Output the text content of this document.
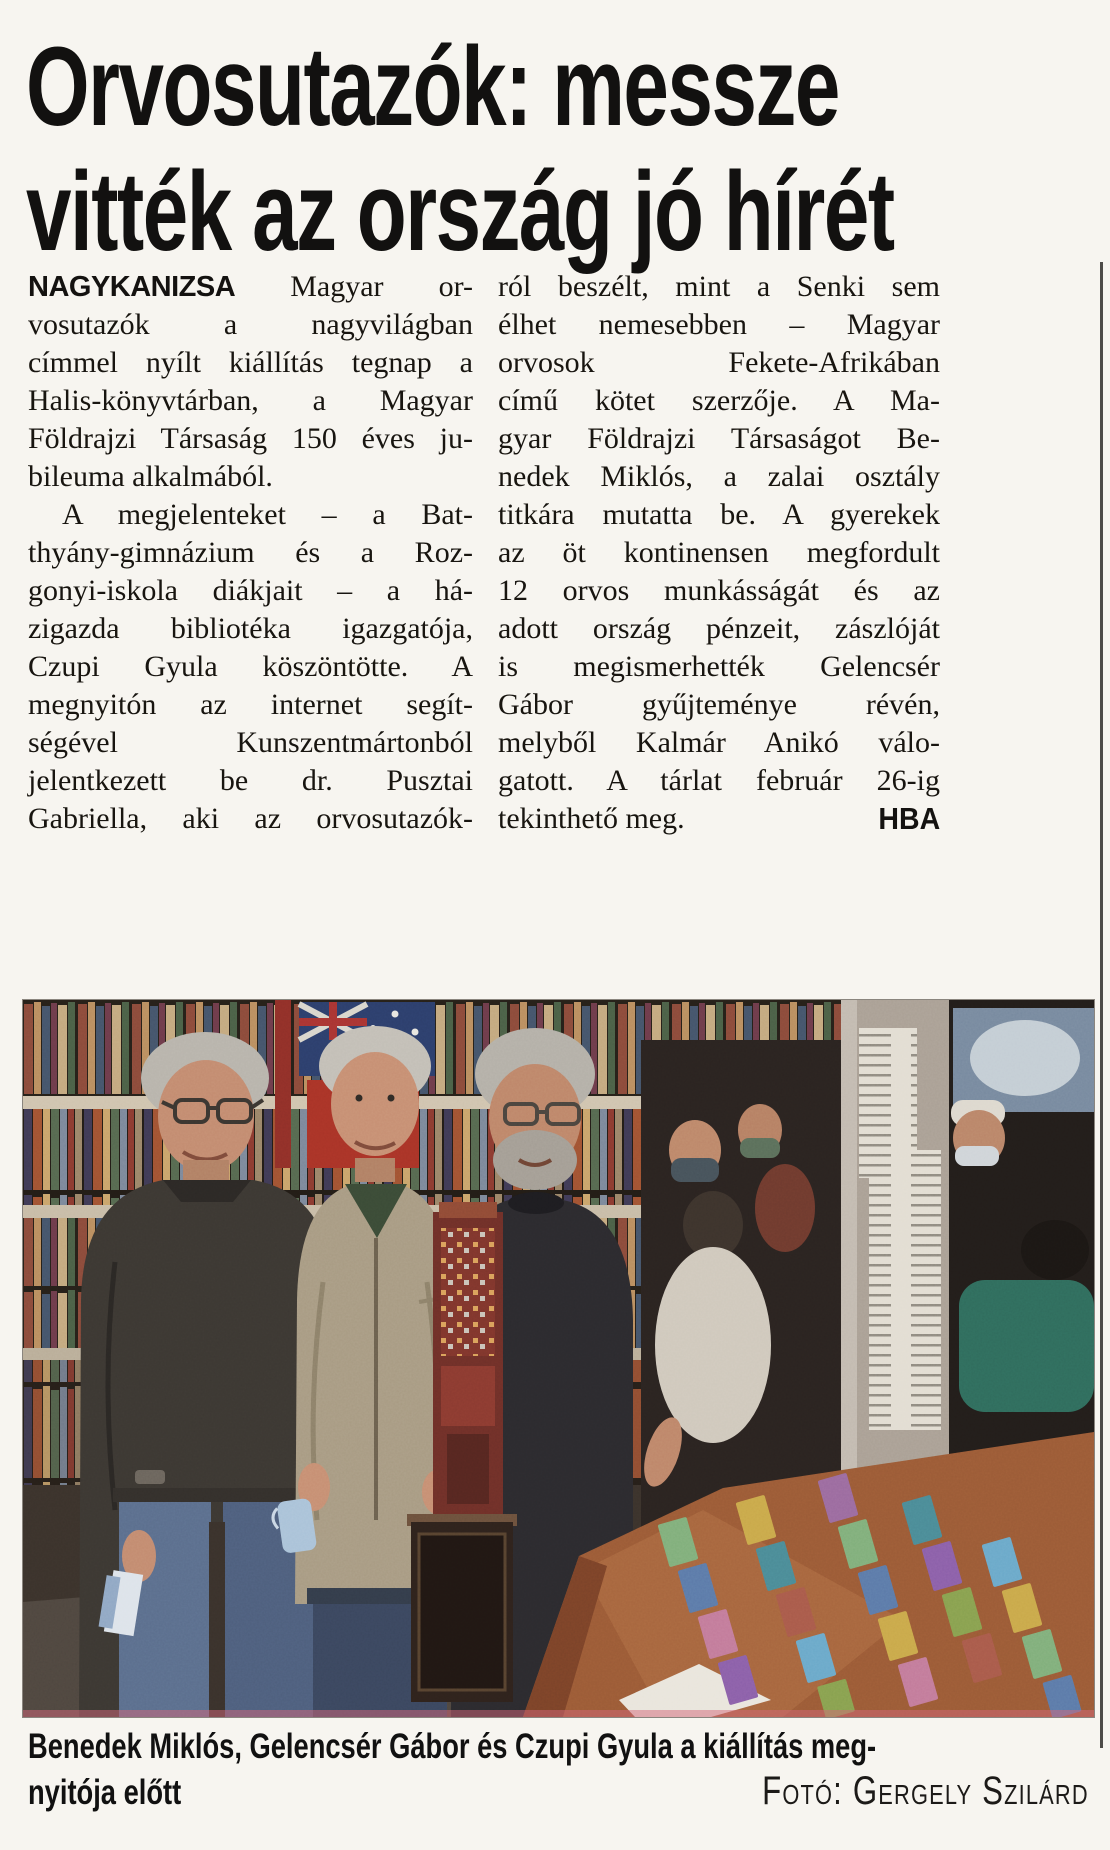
Orvosutazók: messze
vitték az ország jó hírét
NAGYKANIZSA Magyar or-
vosutazók a nagyvilágban
címmel nyílt kiállítás tegnap a
Halis-könyvtárban, a Magyar
Földrajzi Társaság 150 éves ju-
bileuma alkalmából.
A megjelenteket – a Bat-
thyány-gimnázium és a Roz-
gonyi-iskola diákjait – a há-
zigazda bibliotéka igazgatója,
Czupi Gyula köszöntötte. A
megnyitón az internet segít-
ségével Kunszentmártonból
jelentkezett be dr. Pusztai
Gabriella, aki az orvosutazók-
ról beszélt, mint a Senki sem
élhet nemesebben – Magyar
orvosok Fekete-Afrikában
című kötet szerzője. A Ma-
gyar Földrajzi Társaságot Be-
nedek Miklós, a zalai osztály
titkára mutatta be. A gyerekek
az öt kontinensen megfordult
12 orvos munkásságát és az
adott ország pénzeit, zászlóját
is megismerhették Gelencsér
Gábor gyűjteménye révén,
melyből Kalmár Anikó válo-
gatott. A tárlat február 26-ig
HBA
tekinthető meg.
Benedek Miklós, Gelencsér Gábor és Czupi Gyula a kiállítás meg-
nyitója előtt	Fotó: Gergely Szilárd
